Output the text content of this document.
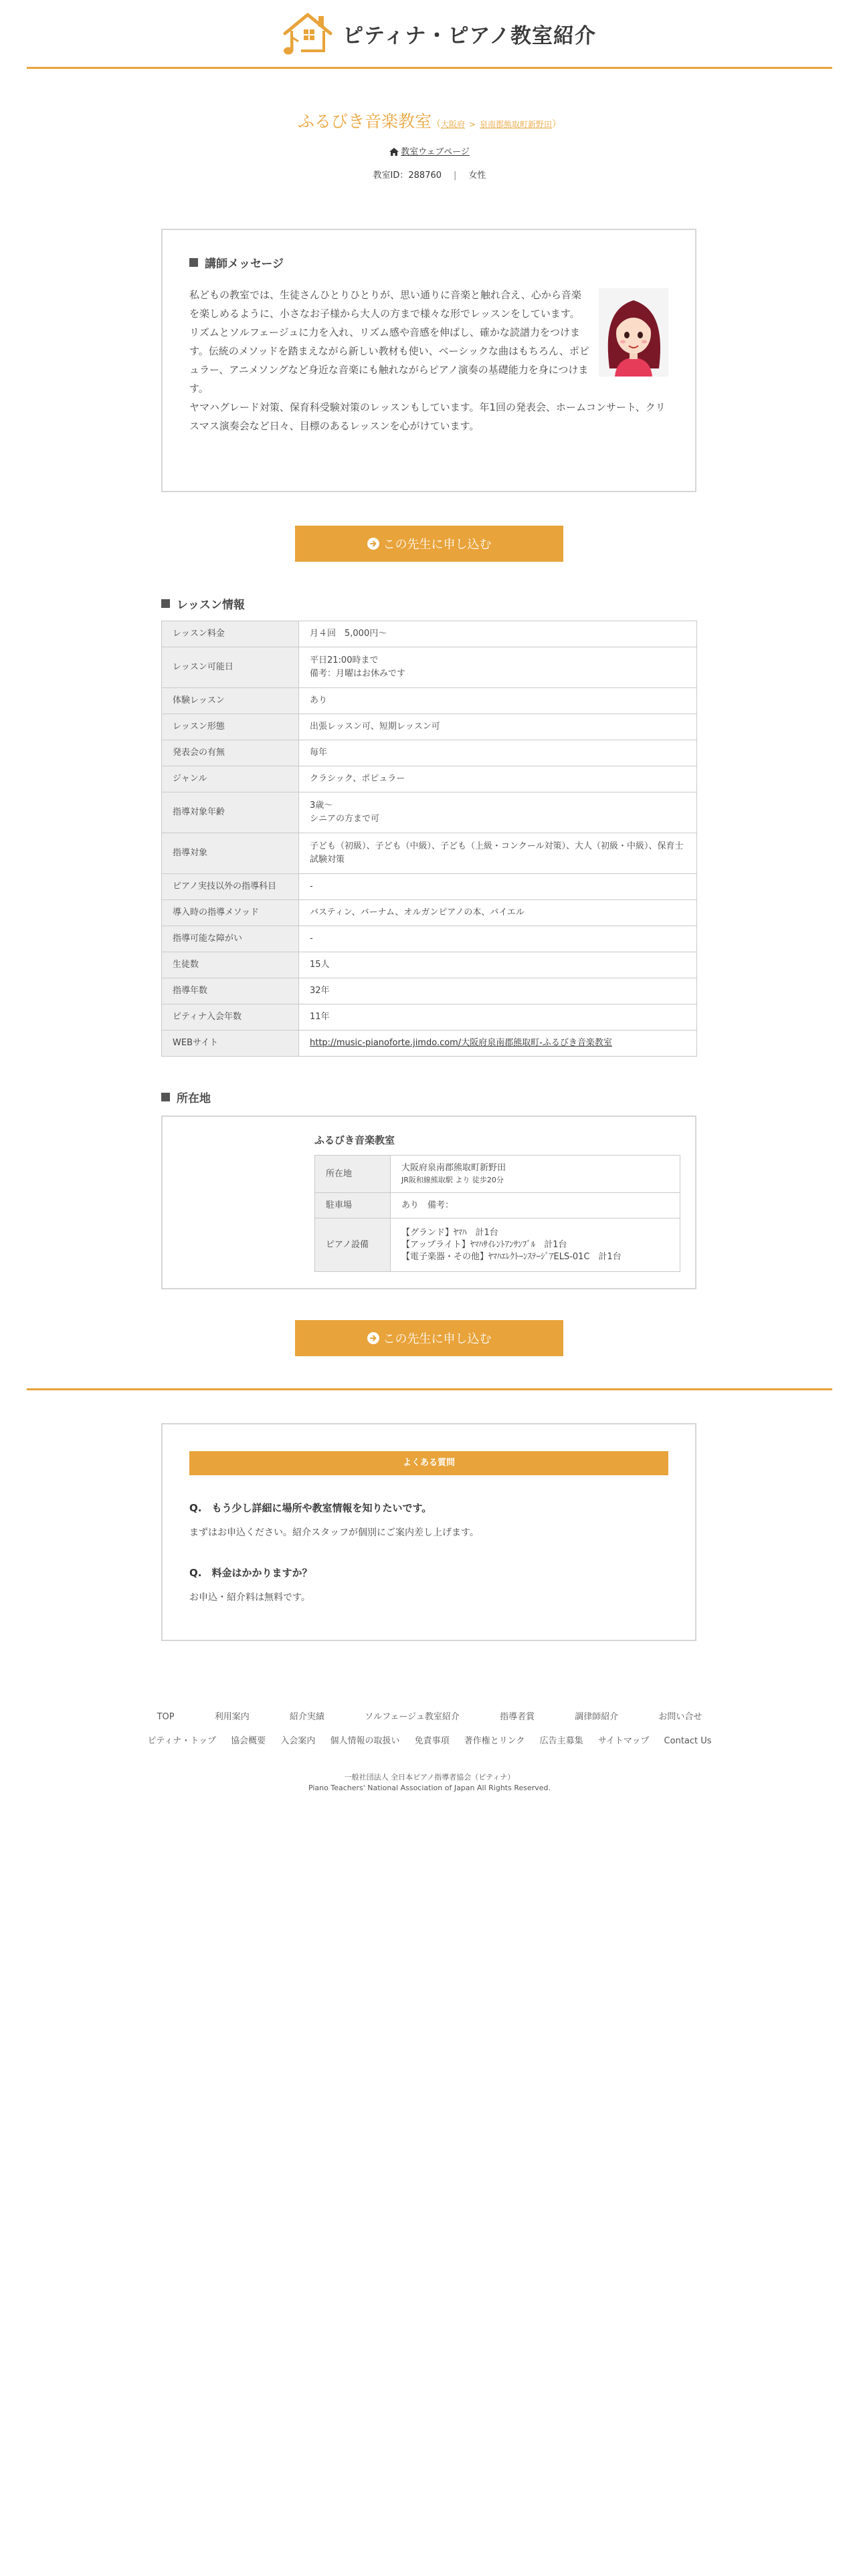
ピティナ・ピアノ教室紹介
ふるびき音楽教室（大阪府 > 泉南郡熊取町新野田）
教室ウェブページ
教室ID：288760 | 女性
講師メッセージ

私どもの教室では、生徒さんひとりひとりが、思い通りに音楽と触れ合え、心から音楽を楽しめるように、小さなお子様から大人の方まで様々な形でレッスンをしています。

リズムとソルフェージュに力を入れ、リズム感や音感を伸ばし、確かな読譜力をつけます。伝統のメソッドを踏まえながら新しい教材も使い、ベーシックな曲はもちろん、ポピュラー、アニメソングなど身近な音楽にも触れながらピアノ演奏の基礎能力を身につけます。

ヤマハグレード対策、保育科受験対策のレッスンもしています。年1回の発表会、ホームコンサート、クリスマス演奏会など日々、目標のあるレッスンを心がけています。

この先生に申し込む
レッスン情報
レッスン料金	月４回　5,000円～
レッスン可能日	平日21:00時まで
備考：月曜はお休みです

体験レッスン	あり
レッスン形態	出張レッスン可、短期レッスン可
発表会の有無	毎年
ジャンル	クラシック、ポピュラー
指導対象年齢	3歳～
シニアの方まで可

指導対象	子ども（初級）、子ども（中級）、子ども（上級・コンクール対策）、大人（初級・中級）、保育士試験対策
ピアノ実技以外の指導科目	-
導入時の指導メソッド	バスティン、バーナム、オルガンピアノの本、バイエル
指導可能な障がい	-
生徒数	15人
指導年数	32年
ピティナ入会年数	11年
WEBサイト	http://music-pianoforte.jimdo.com/大阪府泉南郡熊取町-ふるびき音楽教室
所在地
ふるびき音楽教室
所在地	大阪府泉南郡熊取町新野田
JR阪和線熊取駅 より 徒歩20分

駐車場	あり　備考：
ピアノ設備	【グランド】ﾔﾏﾊ　計1台
【アップライト】ﾔﾏﾊｻｲﾚﾝﾄｱﾝｻﾝﾌﾞﾙ　計1台
【電子楽器・その他】ﾔﾏﾊｴﾚｸﾄｰﾝｽﾃｰｼﾞｱELS-01C　計1台
この先生に申し込む
よくある質問
Q.　もう少し詳細に場所や教室情報を知りたいです。
まずはお申込ください。紹介スタッフが個別にご案内差し上げます。
Q.　料金はかかりますか？
お申込・紹介料は無料です。
TOP	利用案内	紹介実績	ソルフェージュ教室紹介	指導者賞	調律師紹介	お問い合せ
ピティナ・トップ 協会概要 入会案内 個人情報の取扱い 免責事項 著作権とリンク 広告主募集 サイトマップ Contact Us
一般社団法人 全日本ピアノ指導者協会（ピティナ）
Piano Teachers' National Association of Japan All Rights Reserved.
